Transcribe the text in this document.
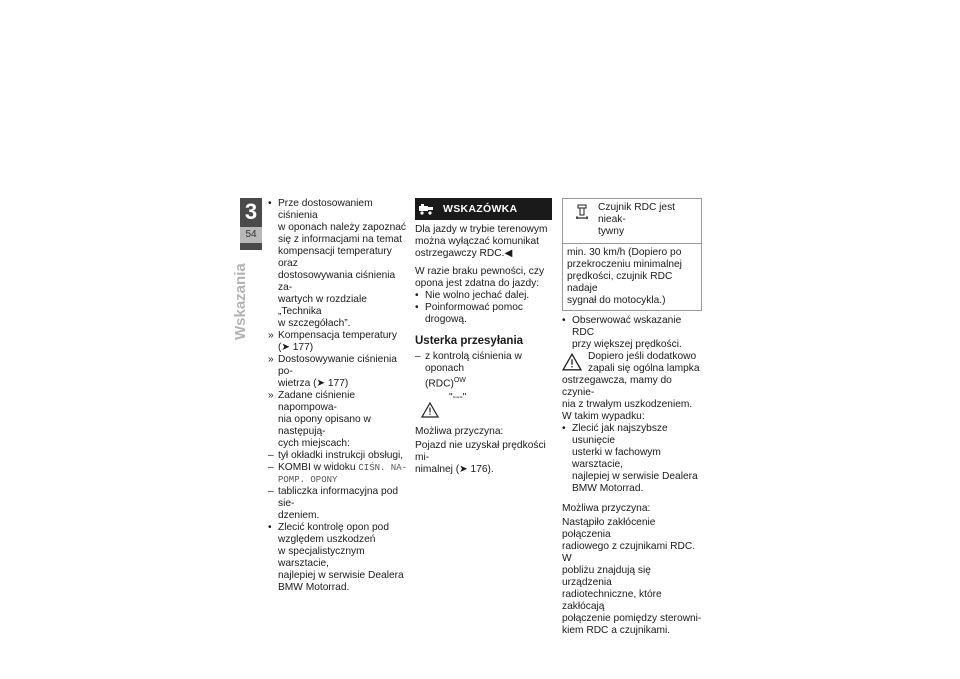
3
54
Wskazania
• Prze dostosowaniem ciśnienia
w oponach należy zapoznać
się z informacjami na temat
kompensacji temperatury oraz
dostosowywania ciśnienia za-
wartych w rozdziale „Technika
w szczegółach”.
» Kompensacja temperatury
(➤ 177)
» Dostosowywanie ciśnienia po-
wietrza (➤ 177)
» Zadane ciśnienie napompowa-
nia opony opisano w następują-
cych miejscach:
– tył okładki instrukcji obsługi,
– KOMBI w widoku CIŚN. NA-
POMP. OPONY
– tabliczka informacyjna pod sie-
dzeniem.
• Zlecić kontrolę opon pod
względem uszkodzeń
w specjalistycznym warsztacie,
najlepiej w serwisie Dealera
BMW Motorrad.
WSKAZÓWKA

Dla jazdy w trybie terenowym
można wyłączać komunikat
ostrzegawczy RDC.◀

W razie braku pewności, czy
opona jest zdatna do jazdy:
• Nie wolno jechać dalej.
• Poinformować pomoc drogową.
Usterka przesyłania
– z kontrolą ciśnienia w oponach
(RDC)$^{OW}$
"---"

Możliwa przyczyna:

Pojazd nie uzyskał prędkości mi-
nimalnej (➤ 176).
Czujnik RDC jest nieak-
tywny
min. 30 km/h (Dopiero po
przekroczeniu minimalnej
prędkości, czujnik RDC nadaje
sygnał do motocykla.)
• Obserwować wskazanie RDC
przy większej prędkości.
Dopiero jeśli dodatkowo
zapali się ogólna lampka
ostrzegawcza, mamy do czynie-
nia z trwałym uszkodzeniem.
W takim wypadku:
• Zlecić jak najszybsze usunięcie
usterki w fachowym warsztacie,
najlepiej w serwisie Dealera
BMW Motorrad.

Możliwa przyczyna:

Nastąpiło zakłócenie połączenia
radiowego z czujnikami RDC. W
pobliżu znajdują się urządzenia
radiotechniczne, które zakłócają
połączenie pomiędzy sterowni-
kiem RDC a czujnikami.
